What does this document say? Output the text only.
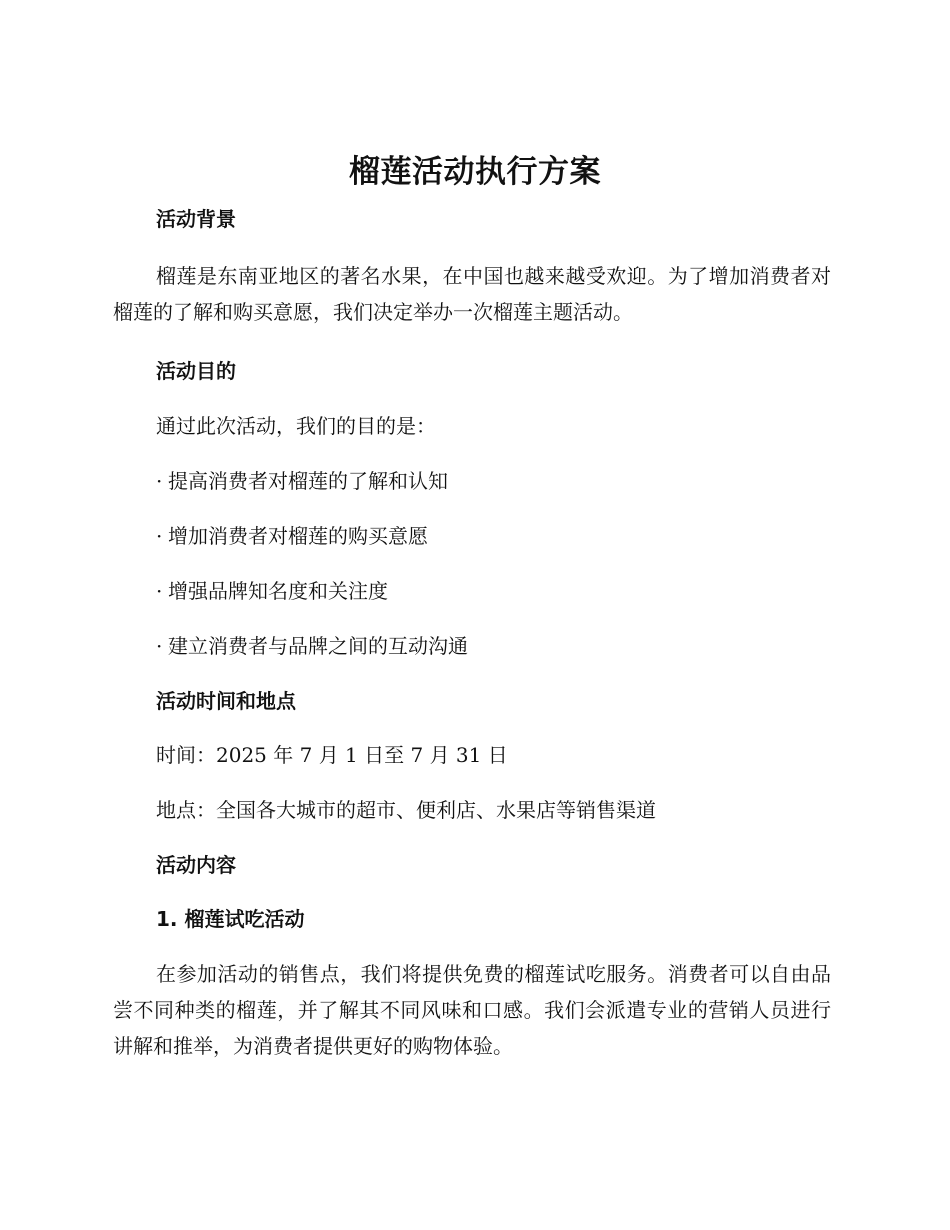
榴莲活动执行方案
活动背景
榴莲是东南亚地区的著名水果，在中国也越来越受欢迎。为了增加消费者对榴莲的了解和购买意愿，我们决定举办一次榴莲主题活动。
活动目的
通过此次活动，我们的目的是：
· 提高消费者对榴莲的了解和认知
· 增加消费者对榴莲的购买意愿
· 增强品牌知名度和关注度
· 建立消费者与品牌之间的互动沟通
活动时间和地点
时间：2025 年 7 月 1 日至 7 月 31 日
地点：全国各大城市的超市、便利店、水果店等销售渠道
活动内容
1. 榴莲试吃活动
在参加活动的销售点，我们将提供免费的榴莲试吃服务。消费者可以自由品尝不同种类的榴莲，并了解其不同风味和口感。我们会派遣专业的营销人员进行讲解和推举，为消费者提供更好的购物体验。
